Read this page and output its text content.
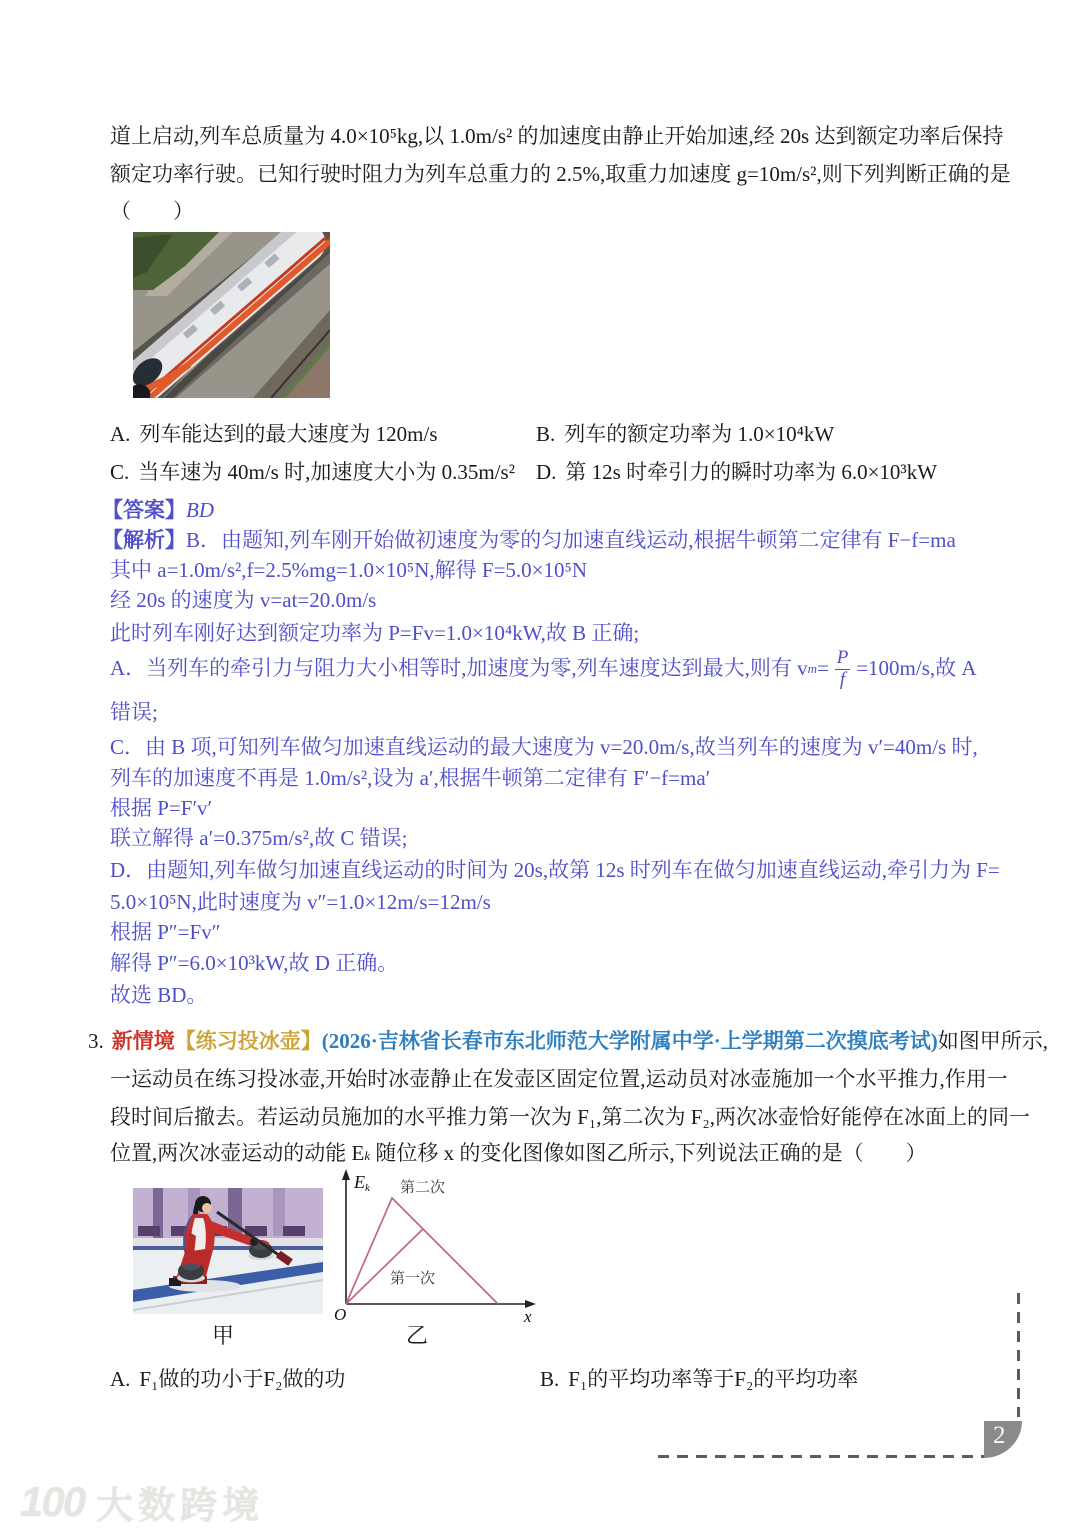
道上启动,列车总质量为 4.0×10⁵kg,以 1.0m/s² 的加速度由静止开始加速,经 20s 达到额定功率后保持
额定功率行驶。已知行驶时阻力为列车总重力的 2.5%,取重力加速度 g=10m/s²,则下列判断正确的是
（　　）
A. 列车能达到的最大速度为 120m/s	B. 列车的额定功率为 1.0×10⁴kW
C. 当车速为 40m/s 时,加速度大小为 0.35m/s² D. 第 12s 时牵引力的瞬时功率为 6.0×10³kW
【答案】BD
【解析】B．由题知,列车刚开始做初速度为零的匀加速直线运动,根据牛顿第二定律有 F−f=ma
其中 a=1.0m/s²,f=2.5%mg=1.0×10⁵N,解得 F=5.0×10⁵N
经 20s 的速度为 v=at=20.0m/s
此时列车刚好达到额定功率为 P=Fv=1.0×10⁴kW,故 B 正确;
A．当列车的牵引力与阻力大小相等时,加速度为零,列车速度达到最大,则有 v $m = \frac{P}{f} =100m/s$,故 A
错误;
C．由 B 项,可知列车做匀加速直线运动的最大速度为 v=20.0m/s,故当列车的速度为 v′=40m/s 时,
列车的加速度不再是 1.0m/s²,设为 a′,根据牛顿第二定律有 F′−f=ma′
根据 P=F′v′
联立解得 a′=0.375m/s²,故 C 错误;
D．由题知,列车做匀加速直线运动的时间为 20s,故第 12s 时列车在做匀加速直线运动,牵引力为 F=
5.0×10⁵N,此时速度为 v″=1.0×12m/s=12m/s
根据 P″=Fv″
解得 P″=6.0×10³kW,故 D 正确。
故选 BD。
3. 新情境【练习投冰壶】(2026·吉林省长春市东北师范大学附属中学·上学期第二次摸底考试)如图甲所示,
一运动员在练习投冰壶,开始时冰壶静止在发壶区固定位置,运动员对冰壶施加一个水平推力,作用一
段时间后撤去。若运动员施加的水平推力第一次为 F₁,第二次为 F₂,两次冰壶恰好能停在冰面上的同一
位置,两次冰壶运动的动能 Ek 随位移 x 的变化图像如图乙所示,下列说法正确的是（　　）
Ek 第二次
第一次
O	x
甲	乙
A. F₁做的功小于F₂做的功	B. F₁的平均功率等于F₂的平均功率
2
100 大数跨境
